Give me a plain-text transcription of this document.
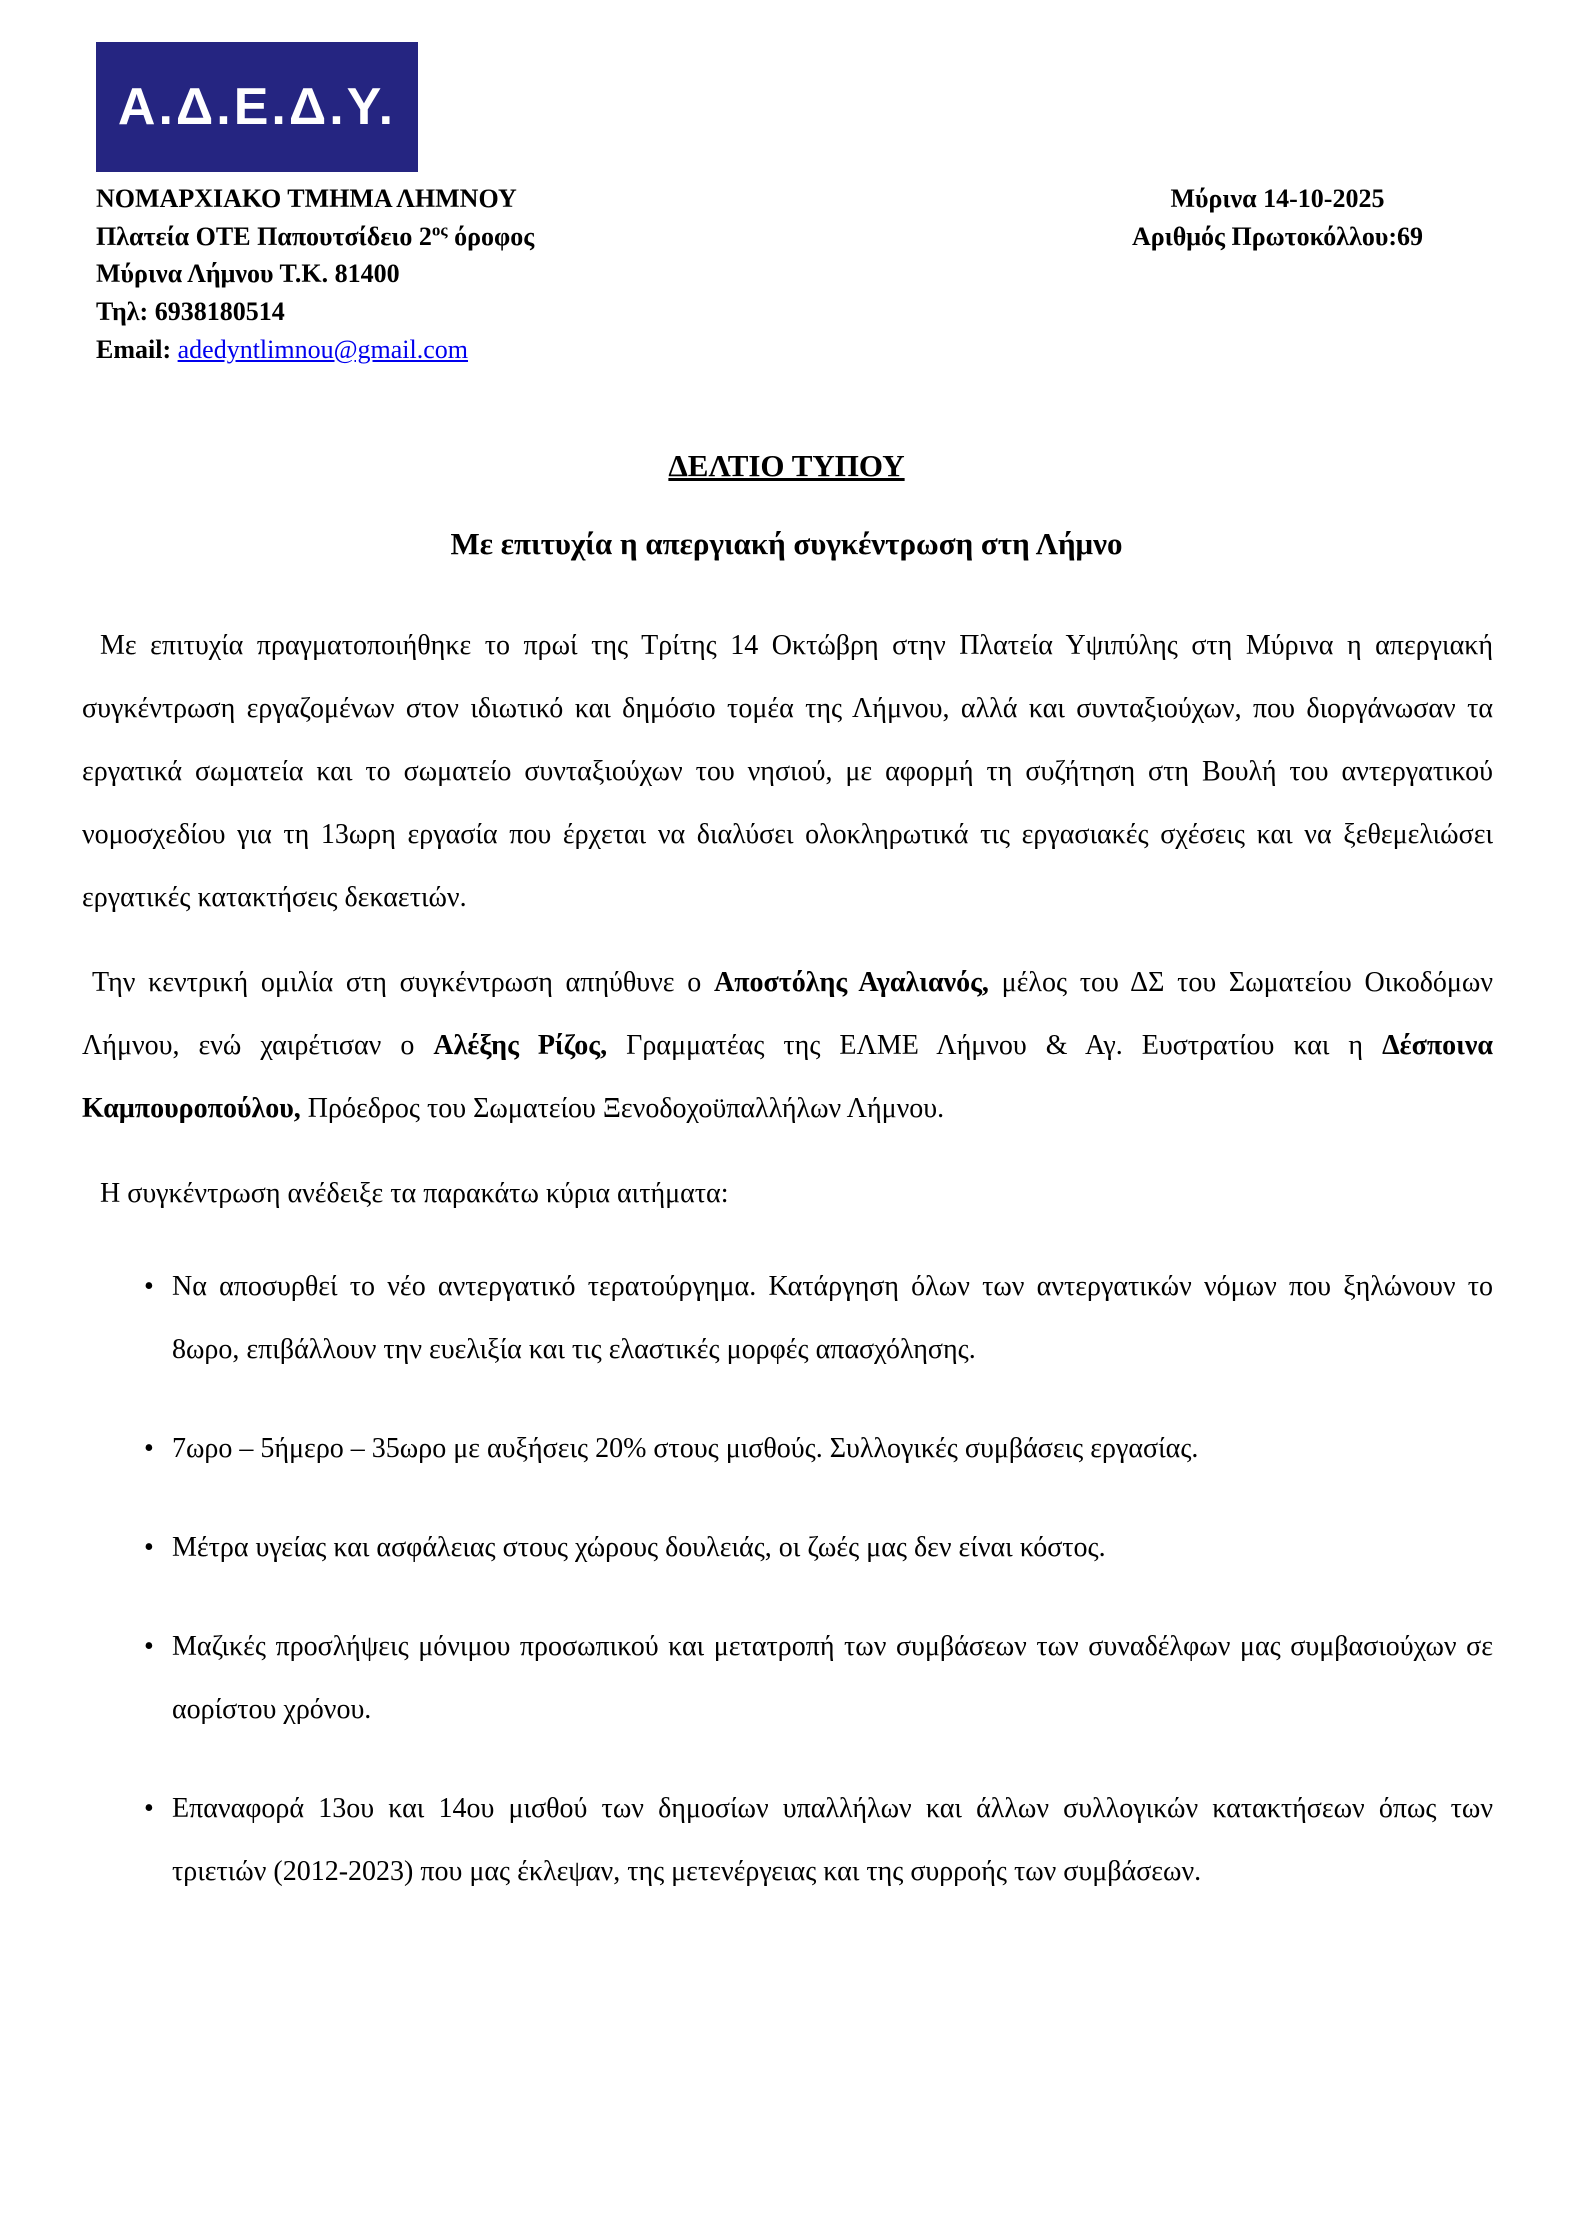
Α.Δ.Ε.Δ.Υ.
ΝΟΜΑΡΧΙΑΚΟ ΤΜΗΜΑ ΛΗΜΝΟΥ
Πλατεία ΟΤΕ Παπουτσίδειο $2^{o\varsigma}$ όροφος
Μύρινα Λήμνου Τ.Κ. 81400
Τηλ: 6938180514
Email: adedyntlimnou@gmail.com
Μύρινα 14-10-2025
Αριθμός Πρωτοκόλλου:69
ΔΕΛΤΙΟ ΤΥΠΟΥ
Με επιτυχία η απεργιακή συγκέντρωση στη Λήμνο

Με επιτυχία πραγματοποιήθηκε το πρωί της Τρίτης 14 Οκτώβρη στην Πλατεία Υψιπύλης στη Μύρινα η απεργιακή συγκέντρωση εργαζομένων στον ιδιωτικό και δημόσιο τομέα της Λήμνου, αλλά και συνταξιούχων, που διοργάνωσαν τα εργατικά σωματεία και το σωματείο συνταξιούχων του νησιού, με αφορμή τη συζήτηση στη Βουλή του αντεργατικού νομοσχεδίου για τη 13ωρη εργασία που έρχεται να διαλύσει ολοκληρωτικά τις εργασιακές σχέσεις και να ξεθεμελιώσει εργατικές κατακτήσεις δεκαετιών.

Την κεντρική ομιλία στη συγκέντρωση απηύθυνε ο Αποστόλης Αγαλιανός, μέλος του ΔΣ του Σωματείου Οικοδόμων Λήμνου, ενώ χαιρέτισαν ο Αλέξης Ρίζος, Γραμματέας της ΕΛΜΕ Λήμνου & Αγ. Ευστρατίου και η Δέσποινα Καμπουροπούλου, Πρόεδρος του Σωματείου Ξενοδοχοϋπαλλήλων Λήμνου.

Η συγκέντρωση ανέδειξε τα παρακάτω κύρια αιτήματα:

• Να αποσυρθεί το νέο αντεργατικό τερατούργημα. Κατάργηση όλων των αντεργατικών νόμων που ξηλώνουν το 8ωρο, επιβάλλουν την ευελιξία και τις ελαστικές μορφές απασχόλησης.
• 7ωρο – 5ήμερο – 35ωρο με αυξήσεις 20% στους μισθούς. Συλλογικές συμβάσεις εργασίας.
• Μέτρα υγείας και ασφάλειας στους χώρους δουλειάς, οι ζωές μας δεν είναι κόστος.
• Μαζικές προσλήψεις μόνιμου προσωπικού και μετατροπή των συμβάσεων των συναδέλφων μας συμβασιούχων σε αορίστου χρόνου.
• Επαναφορά 13ου και 14ου μισθού των δημοσίων υπαλλήλων και άλλων συλλογικών κατακτήσεων όπως των τριετιών (2012-2023) που μας έκλεψαν, της μετενέργειας και της συρροής των συμβάσεων.
